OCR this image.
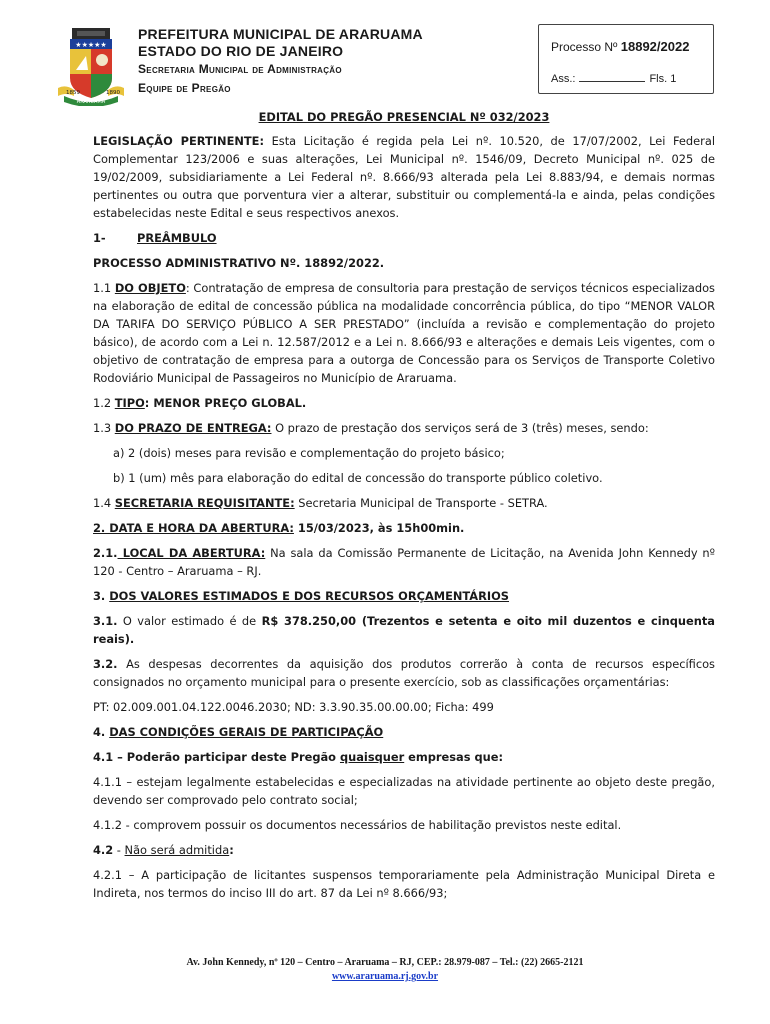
★★★★★
1859	1890
ARARUAMA
PREFEITURA MUNICIPAL DE ARARUAMA
ESTADO DO RIO DE JANEIRO
Secretaria Municipal de Administração
Equipe de Pregão
Processo Nº 18892/2022
Ass.:	Fls. 1

EDITAL DO PREGÃO PRESENCIAL Nº 032/2023

LEGISLAÇÃO PERTINENTE: Esta Licitação é regida pela Lei nº. 10.520, de 17/07/2002, Lei Federal Complementar 123/2006 e suas alterações, Lei Municipal nº. 1546/09, Decreto Municipal nº. 025 de 19/02/2009, subsidiariamente a Lei Federal nº. 8.666/93 alterada pela Lei 8.883/94, e demais normas pertinentes ou outra que porventura vier a alterar, substituir ou complementá-la e ainda, pelas condições estabelecidas neste Edital e seus respectivos anexos.

1-	PREÂMBULO

PROCESSO ADMINISTRATIVO Nº. 18892/2022.

1.1 DO OBJETO: Contratação de empresa de consultoria para prestação de serviços técnicos especializados na elaboração de edital de concessão pública na modalidade concorrência pública, do tipo “MENOR VALOR DA TARIFA DO SERVIÇO PÚBLICO A SER PRESTADO” (incluída a revisão e complementação do projeto básico), de acordo com a Lei n. 12.587/2012 e a Lei n. 8.666/93 e alterações e demais Leis vigentes, com o objetivo de contratação de empresa para a outorga de Concessão para os Serviços de Transporte Coletivo Rodoviário Municipal de Passageiros no Município de Araruama.

1.2 TIPO: MENOR PREÇO GLOBAL.

1.3 DO PRAZO DE ENTREGA: O prazo de prestação dos serviços será de 3 (três) meses, sendo:

a) 2 (dois) meses para revisão e complementação do projeto básico;

b) 1 (um) mês para elaboração do edital de concessão do transporte público coletivo.

1.4 SECRETARIA REQUISITANTE: Secretaria Municipal de Transporte - SETRA.

2. DATA E HORA DA ABERTURA: 15/03/2023, às 15h00min.

2.1. LOCAL DA ABERTURA: Na sala da Comissão Permanente de Licitação, na Avenida John Kennedy nº 120 - Centro – Araruama – RJ.

3. DOS VALORES ESTIMADOS E DOS RECURSOS ORÇAMENTÁRIOS

3.1. O valor estimado é de R$ 378.250,00 (Trezentos e setenta e oito mil duzentos e cinquenta reais).

3.2. As despesas decorrentes da aquisição dos produtos correrão à conta de recursos específicos consignados no orçamento municipal para o presente exercício, sob as classificações orçamentárias:

PT: 02.009.001.04.122.0046.2030; ND: 3.3.90.35.00.00.00; Ficha: 499

4. DAS CONDIÇÕES GERAIS DE PARTICIPAÇÃO

4.1 – Poderão participar deste Pregão quaisquer empresas que:

4.1.1 – estejam legalmente estabelecidas e especializadas na atividade pertinente ao objeto deste pregão, devendo ser comprovado pelo contrato social;

4.1.2 - comprovem possuir os documentos necessários de habilitação previstos neste edital.

4.2 - Não será admitida:

4.2.1 – A participação de licitantes suspensos temporariamente pela Administração Municipal Direta e Indireta, nos termos do inciso III do art. 87 da Lei nº 8.666/93;

Av. John Kennedy, nº 120 – Centro – Araruama – RJ, CEP.: 28.979-087 – Tel.: (22) 2665-2121
www.araruama.rj.gov.br
